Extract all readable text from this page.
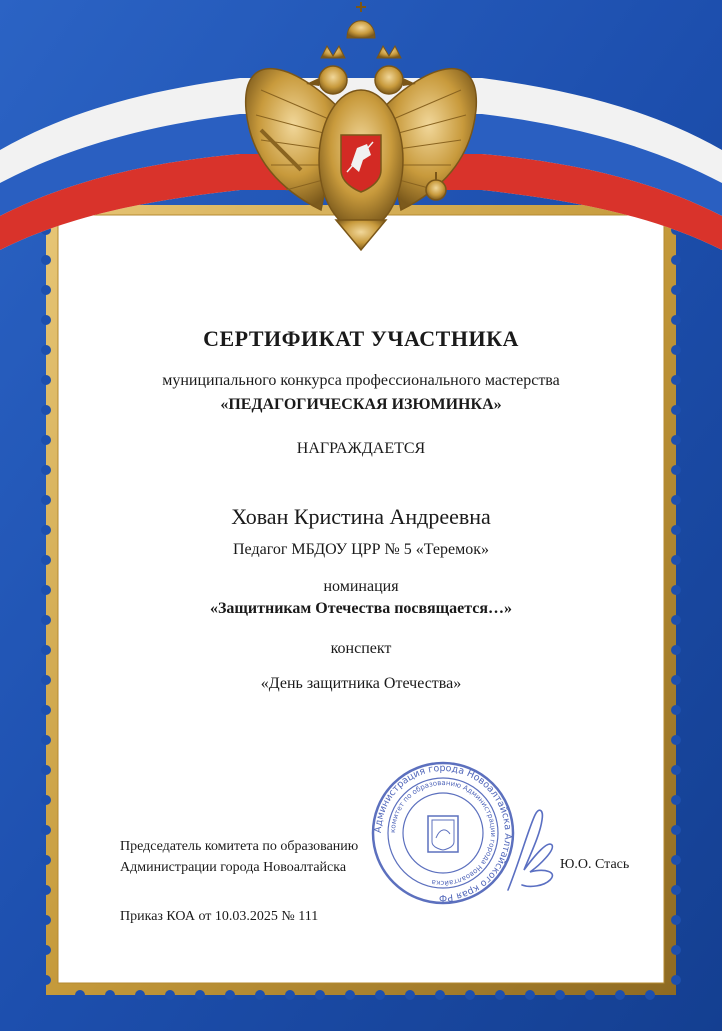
СЕРТИФИКАТ УЧАСТНИКА
муниципального конкурса профессионального мастерства
«ПЕДАГОГИЧЕСКАЯ ИЗЮМИНКА»
НАГРАЖДАЕТСЯ
Хован Кристина Андреевна
Педагог МБДОУ ЦРР № 5 «Теремок»
номинация
«Защитникам Отечества посвящается…»
конспект
«День защитника Отечества»
Председатель комитета по образованию
Администрации города Новоалтайска
Администрация города Новоалтайска Алтайского края РФ
комитет по образованию Администрации города Новоалтайска
Ю.О. Стась
Приказ КОА от 10.03.2025 № 111
